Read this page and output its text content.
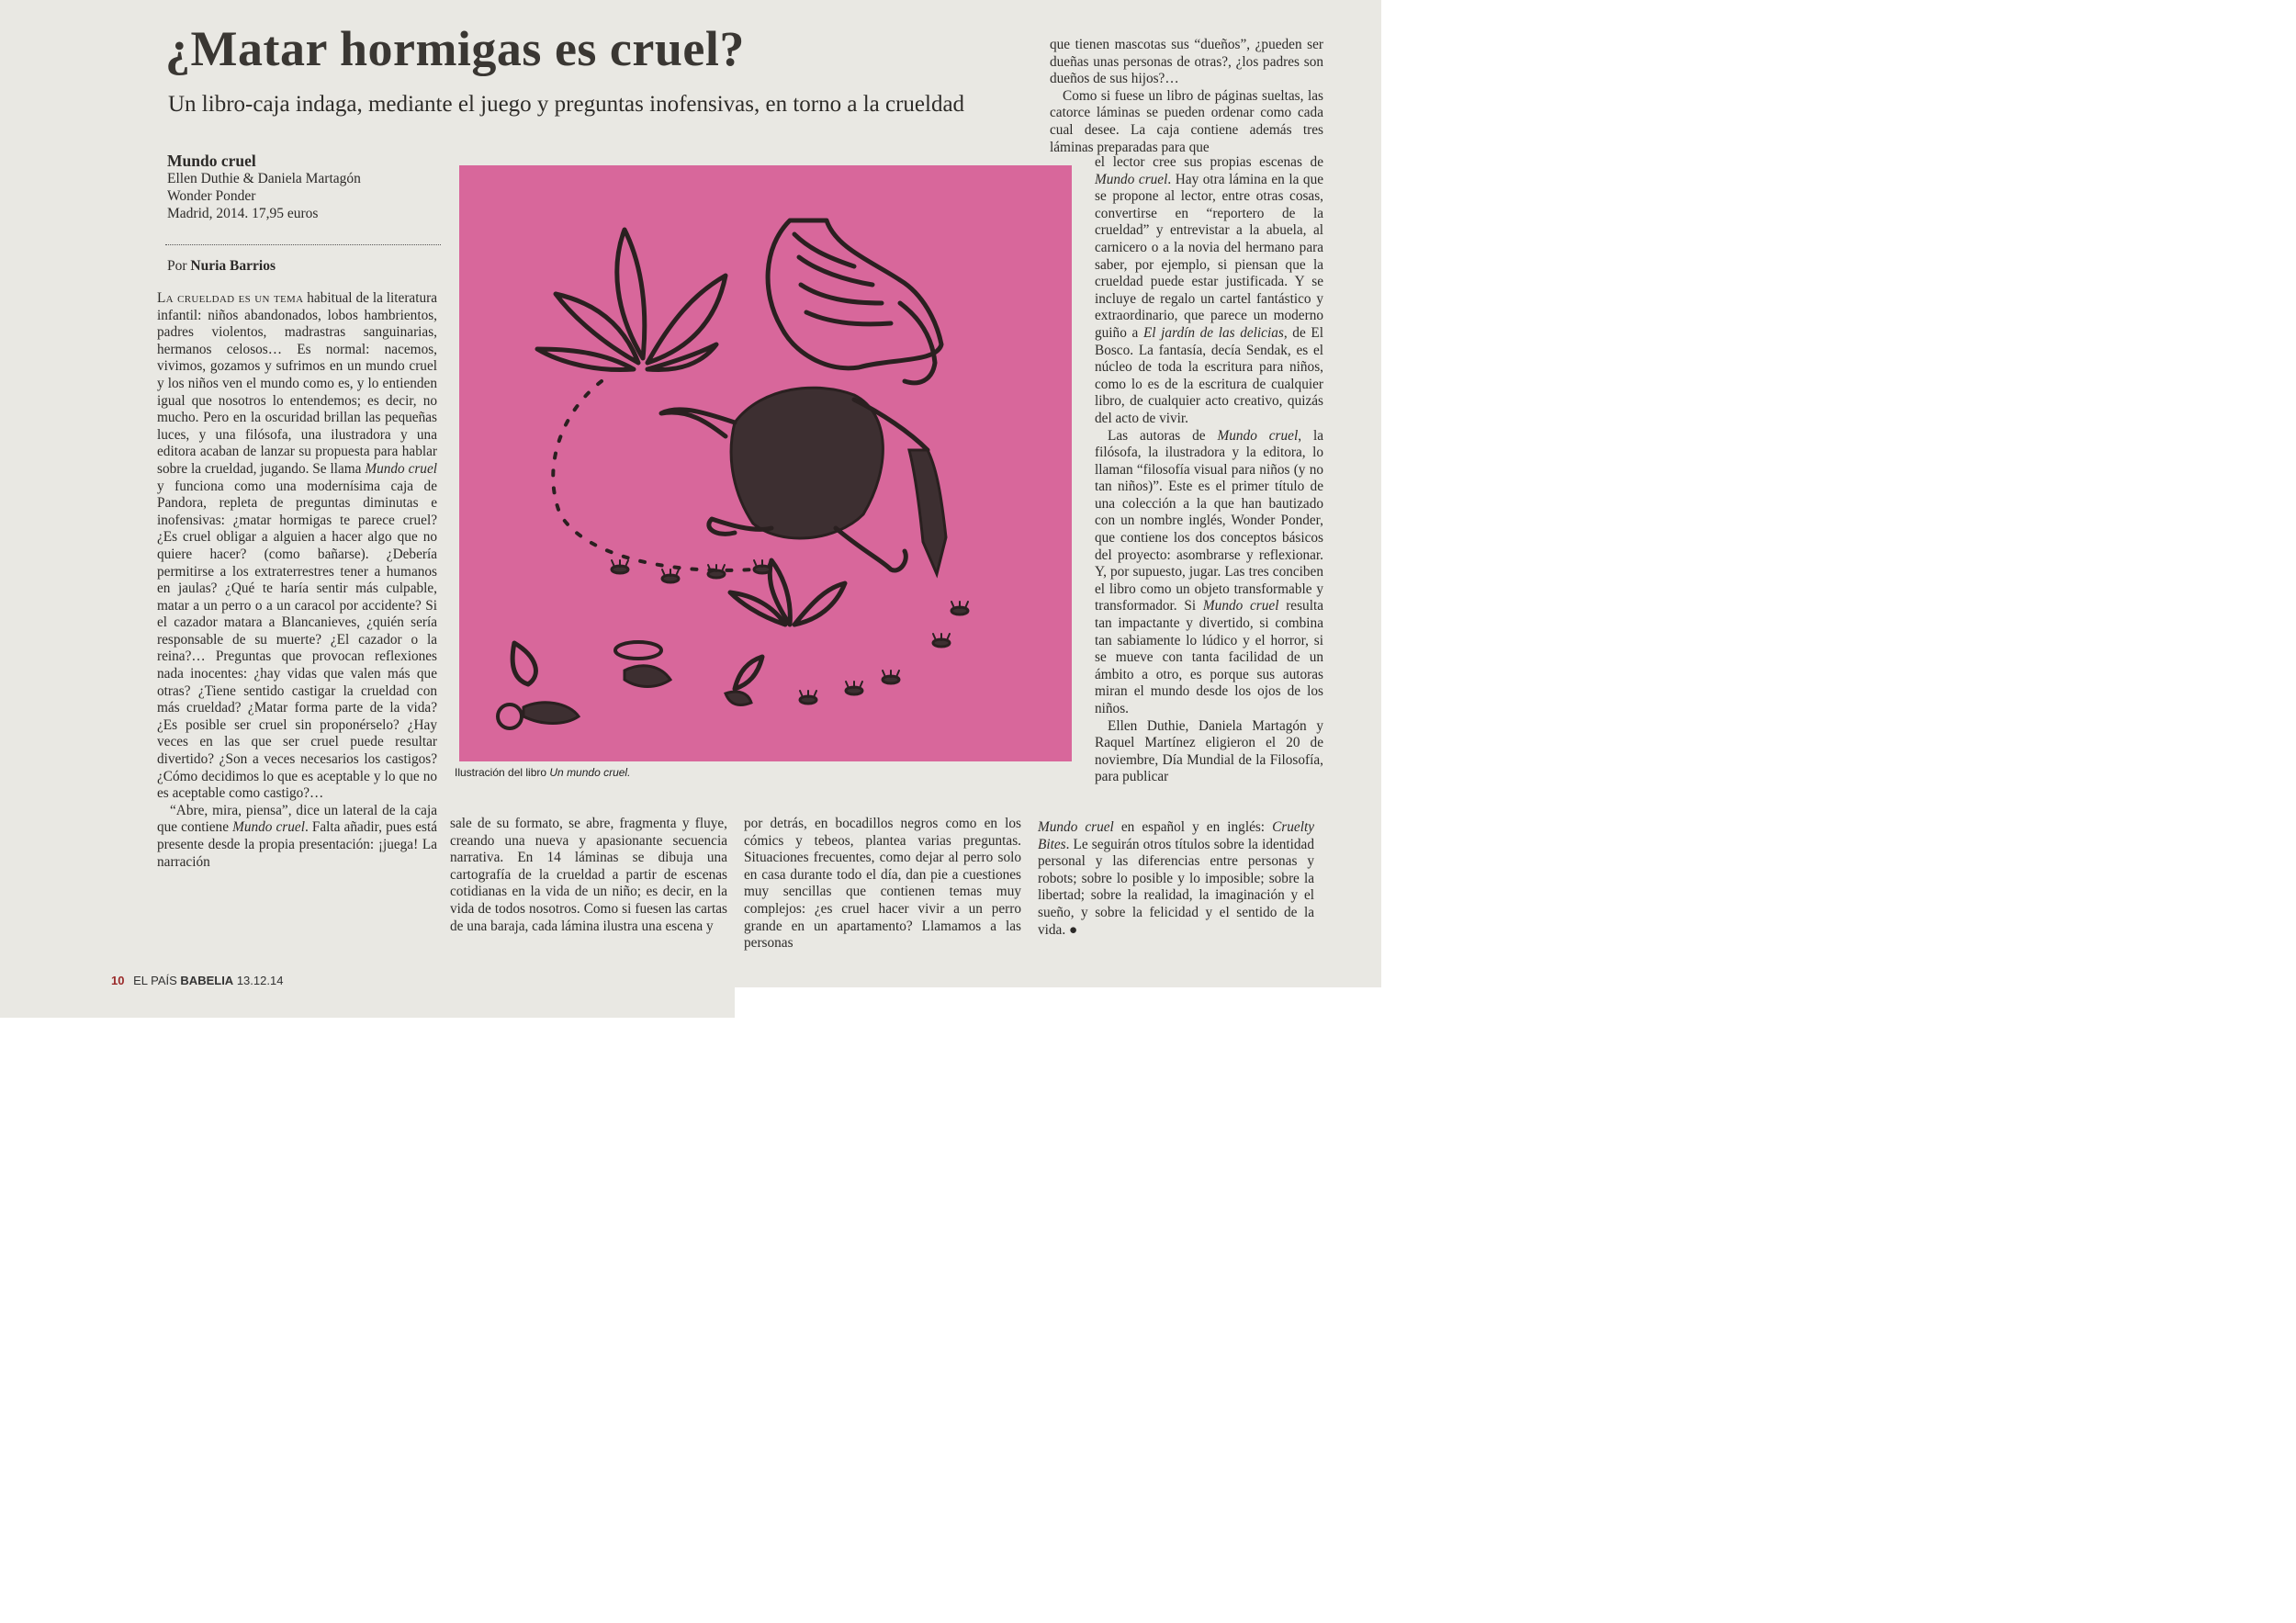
¿Matar hormigas es cruel?
Un libro-caja indaga, mediante el juego y preguntas inofensivas, en torno a la crueldad
Mundo cruel
Ellen Duthie & Daniela Martagón
Wonder Ponder
Madrid, 2014. 17,95 euros
Por Nuria Barrios

La crueldad es un tema habitual de la literatura infantil: niños abandonados, lobos hambrientos, padres violentos, madrastras sanguinarias, hermanos celosos… Es normal: nacemos, vivimos, gozamos y sufrimos en un mundo cruel y los niños ven el mundo como es, y lo entienden igual que nosotros lo entendemos; es decir, no mucho. Pero en la oscuridad brillan las pequeñas luces, y una filósofa, una ilustradora y una editora acaban de lanzar su propuesta para hablar sobre la crueldad, jugando. Se llama Mundo cruel y funciona como una modernísima caja de Pandora, repleta de preguntas diminutas e inofensivas: ¿matar hormigas te parece cruel? ¿Es cruel obligar a alguien a hacer algo que no quiere hacer? (como bañarse). ¿Debería permitirse a los extraterrestres tener a humanos en jaulas? ¿Qué te haría sentir más culpable, matar a un perro o a un caracol por accidente? Si el cazador matara a Blancanieves, ¿quién sería responsable de su muerte? ¿El cazador o la reina?… Preguntas que provocan reflexiones nada inocentes: ¿hay vidas que valen más que otras? ¿Tiene sentido castigar la crueldad con más crueldad? ¿Matar forma parte de la vida? ¿Es posible ser cruel sin proponérselo? ¿Hay veces en las que ser cruel puede resultar divertido? ¿Son a veces necesarios los castigos? ¿Cómo decidimos lo que es aceptable y lo que no es aceptable como castigo?…

“Abre, mira, piensa”, dice un lateral de la caja que contiene Mundo cruel. Falta añadir, pues está presente desde la propia presentación: ¡juega! La narración

sale de su formato, se abre, fragmenta y fluye, creando una nueva y apasionante secuencia narrativa. En 14 láminas se dibuja una cartografía de la crueldad a partir de escenas cotidianas en la vida de un niño; es decir, en la vida de todos nosotros. Como si fuesen las cartas de una baraja, cada lámina ilustra una escena y

por detrás, en bocadillos negros como en los cómics y tebeos, plantea varias preguntas. Situaciones frecuentes, como dejar al perro solo en casa durante todo el día, dan pie a cuestiones muy sencillas que contienen temas muy complejos: ¿es cruel hacer vivir a un perro grande en un apartamento? Llamamos a las personas

que tienen mascotas sus “dueños”, ¿pueden ser dueñas unas personas de otras?, ¿los padres son dueños de sus hijos?…

Como si fuese un libro de páginas sueltas, las catorce láminas se pueden ordenar como cada cual desee. La caja contiene además tres láminas preparadas para que

el lector cree sus propias escenas de Mundo cruel. Hay otra lámina en la que se propone al lector, entre otras cosas, convertirse en “reportero de la crueldad” y entrevistar a la abuela, al carnicero o a la novia del hermano para saber, por ejemplo, si piensan que la crueldad puede estar justificada. Y se incluye de regalo un cartel fantástico y extraordinario, que parece un moderno guiño a El jardín de las delicias, de El Bosco. La fantasía, decía Sendak, es el núcleo de toda la escritura para niños, como lo es de la escritura de cualquier libro, de cualquier acto creativo, quizás del acto de vivir.

Las autoras de Mundo cruel, la filósofa, la ilustradora y la editora, lo llaman “filosofía visual para niños (y no tan niños)”. Este es el primer título de una colección a la que han bautizado con un nombre inglés, Wonder Ponder, que contiene los dos conceptos básicos del proyecto: asombrarse y reflexionar. Y, por supuesto, jugar. Las tres conciben el libro como un objeto transformable y transformador. Si Mundo cruel resulta tan impactante y divertido, si combina tan sabiamente lo lúdico y el horror, si se mueve con tanta facilidad de un ámbito a otro, es porque sus autoras miran el mundo desde los ojos de los niños.

Ellen Duthie, Daniela Martagón y Raquel Martínez eligieron el 20 de noviembre, Día Mundial de la Filosofía, para publicar

Mundo cruel en español y en inglés: Cruelty Bites. Le seguirán otros títulos sobre la identidad personal y las diferencias entre personas y robots; sobre lo posible y lo imposible; sobre la libertad; sobre la realidad, la imaginación y el sueño, y sobre la felicidad y el sentido de la vida. ●

Ilustración del libro Un mundo cruel.
10 EL PAÍS BABELIA 13.12.14
